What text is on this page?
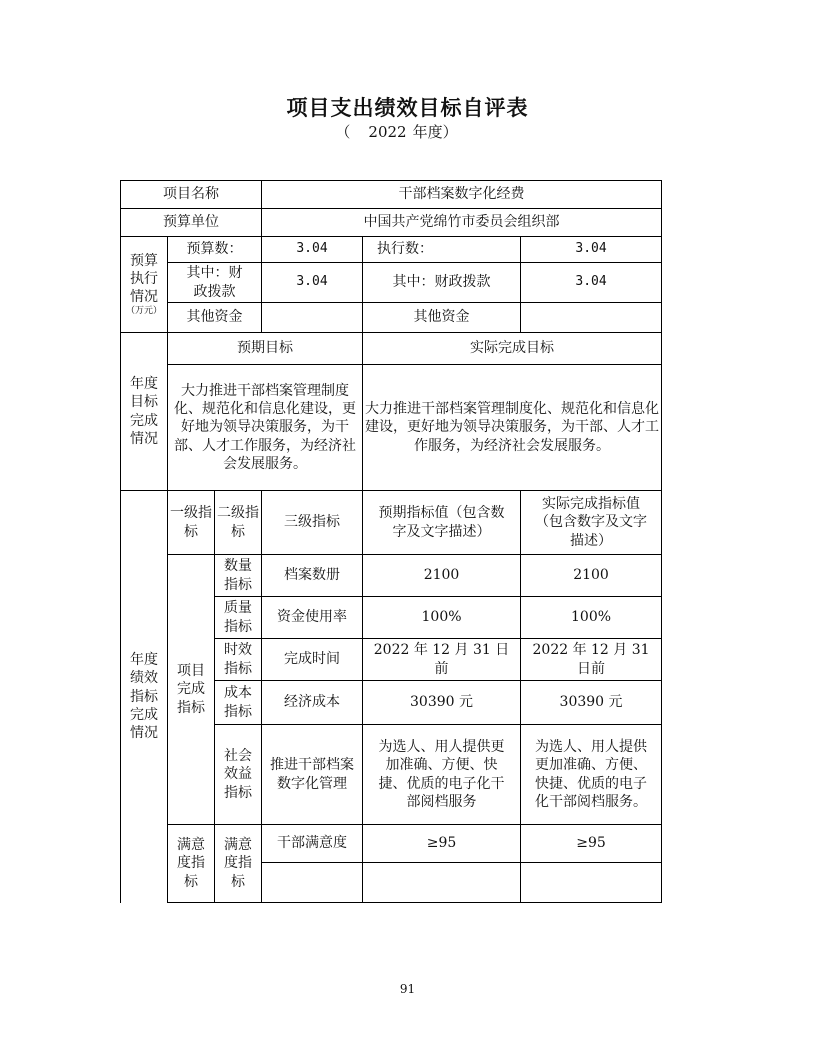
项目支出绩效目标自评表
（ 2022 年度）
项目名称			干部档案数字化经费		
预算单位			中国共产党绵竹市委员会组织部		

预算
执行
情况
（万元）	预算数：		3.04	执行数：	3.04
	其中：财政拨款		3.04	其中：财政拨款	3.04
	其他资金			其他资金	
年度目标完成情况	预期目标			实际完成目标	
	大力推进干部档案管理制度化、规范化和信息化建设，更好地为领导决策服务，为干部、人才工作服务，为经济社会发展服务。			大力推进干部档案管理制度化、规范化和信息化建设，更好地为领导决策服务，为干部、人才工作服务，为经济社会发展服务。	
年度绩效指标完成情况	一级指标	二级指标	三级指标	预期指标值（包含数字及文字描述）	实际完成指标值（包含数字及文字描述）
	项目完成指标	数量指标	档案数册	2100	2100
		质量指标	资金使用率	100%	100%
		时效指标	完成时间	2022 年 12 月 31 日前	2022 年 12 月 31 日前
		成本指标	经济成本	30390 元	30390 元
		社会效益指标	推进干部档案数字化管理	为选人、用人提供更加准确、方便、快捷、优质的电子化干部阅档服务	为选人、用人提供更加准确、方便、快捷、优质的电子化干部阅档服务。
	满意度指标	满意度指标	干部满意度	≥95	≥95

91
